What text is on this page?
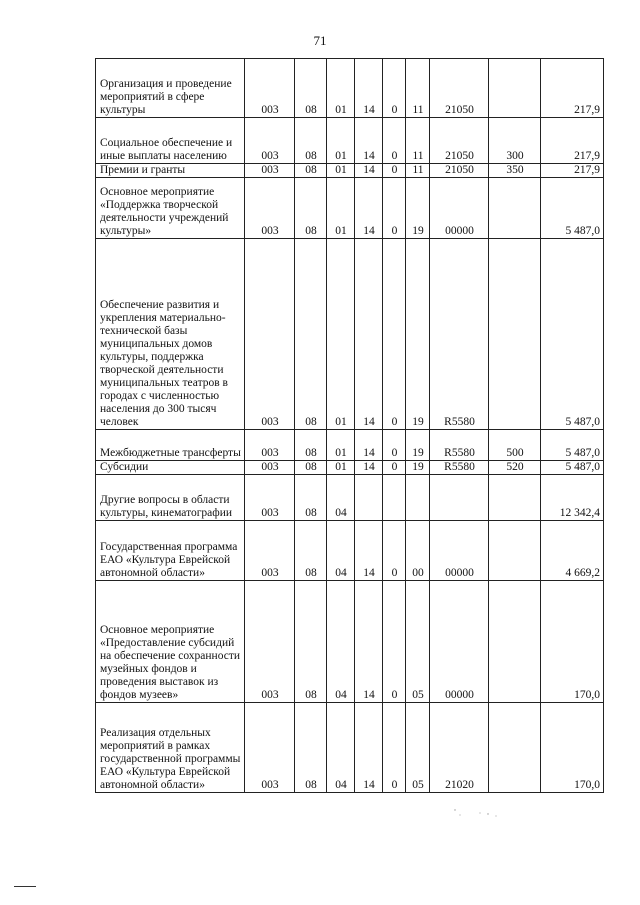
71
Организация и проведение мероприятий в сфере культуры	003	08	01	14	0	11	21050		217,9
Социальное обеспечение и иные выплаты населению	003	08	01	14	0	11	21050	300	217,9
Премии и гранты	003	08	01	14	0	11	21050	350	217,9
Основное мероприятие «Поддержка творческой деятельности учреждений культуры»	003	08	01	14	0	19	00000		5 487,0
Обеспечение развития и укрепления материально-технической базы муниципальных домов культуры, поддержка творческой деятельности муниципальных театров в городах с численностью населения до 300 тысяч человек	003	08	01	14	0	19	R5580		5 487,0
Межбюджетные трансферты	003	08	01	14	0	19	R5580	500	5 487,0
Субсидии	003	08	01	14	0	19	R5580	520	5 487,0
Другие вопросы в области культуры, кинематографии	003	08	04						12 342,4
Государственная программа ЕАО «Культура Еврейской автономной области»	003	08	04	14	0	00	00000		4 669,2
Основное мероприятие «Предоставление субсидий на обеспечение сохранности музейных фондов и проведения выставок из фондов музеев»	003	08	04	14	0	05	00000		170,0
Реализация отдельных мероприятий в рамках государственной программы ЕАО «Культура Еврейской автономной области»	003	08	04	14	0	05	21020		170,0
